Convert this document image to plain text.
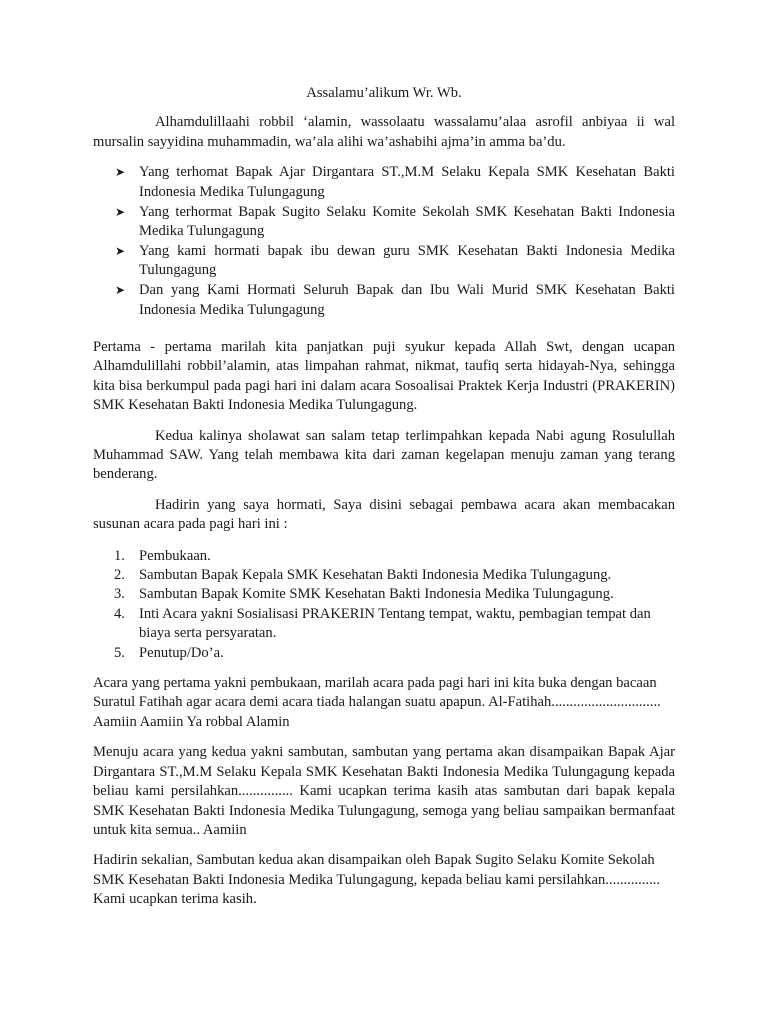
Assalamu’alikum Wr. Wb.

Alhamdulillaahi robbil ‘alamin, wassolaatu wassalamu’alaa asrofil anbiyaa ii wal mursalin sayyidina muhammadin, wa’ala alihi wa’ashabihi ajma’in amma ba’du.

➤ Yang terhomat Bapak Ajar Dirgantara ST.,M.M Selaku Kepala SMK Kesehatan Bakti Indonesia Medika Tulungagung
➤ Yang terhormat Bapak Sugito Selaku Komite Sekolah SMK Kesehatan Bakti Indonesia Medika Tulungagung
➤ Yang kami hormati bapak ibu dewan guru SMK Kesehatan Bakti Indonesia Medika Tulungagung
➤ Dan yang Kami Hormati Seluruh Bapak dan Ibu Wali Murid SMK Kesehatan Bakti Indonesia Medika Tulungagung

Pertama - pertama marilah kita panjatkan puji syukur kepada Allah Swt, dengan ucapan Alhamdulillahi robbil’alamin, atas limpahan rahmat, nikmat, taufiq serta hidayah-Nya, sehingga kita bisa berkumpul pada pagi hari ini dalam acara Sosoalisai Praktek Kerja Industri (PRAKERIN) SMK Kesehatan Bakti Indonesia Medika Tulungagung.

Kedua kalinya sholawat san salam tetap terlimpahkan kepada Nabi agung Rosulullah Muhammad SAW. Yang telah membawa kita dari zaman kegelapan menuju zaman yang terang benderang.

Hadirin yang saya hormati, Saya disini sebagai pembawa acara akan membacakan susunan acara pada pagi hari ini :

1. Pembukaan.
2. Sambutan Bapak Kepala SMK Kesehatan Bakti Indonesia Medika Tulungagung.
3. Sambutan Bapak Komite SMK Kesehatan Bakti Indonesia Medika Tulungagung.
4. Inti Acara yakni Sosialisasi PRAKERIN Tentang tempat, waktu, pembagian tempat dan biaya serta persyaratan.
5. Penutup/Do’a.

Acara yang pertama yakni pembukaan, marilah acara pada pagi hari ini kita buka dengan bacaan Suratul Fatihah agar acara demi acara tiada halangan suatu apapun. Al-Fatihah..............................

Aamiin Aamiin Ya robbal Alamin

Menuju acara yang kedua yakni sambutan, sambutan yang pertama akan disampaikan Bapak Ajar Dirgantara ST.,M.M Selaku Kepala SMK Kesehatan Bakti Indonesia Medika Tulungagung kepada beliau kami persilahkan............... Kami ucapkan terima kasih atas sambutan dari bapak kepala SMK Kesehatan Bakti Indonesia Medika Tulungagung, semoga yang beliau sampaikan bermanfaat untuk kita semua.. Aamiin

Hadirin sekalian, Sambutan kedua akan disampaikan oleh Bapak Sugito Selaku Komite Sekolah SMK Kesehatan Bakti Indonesia Medika Tulungagung, kepada beliau kami persilahkan............... Kami ucapkan terima kasih.
